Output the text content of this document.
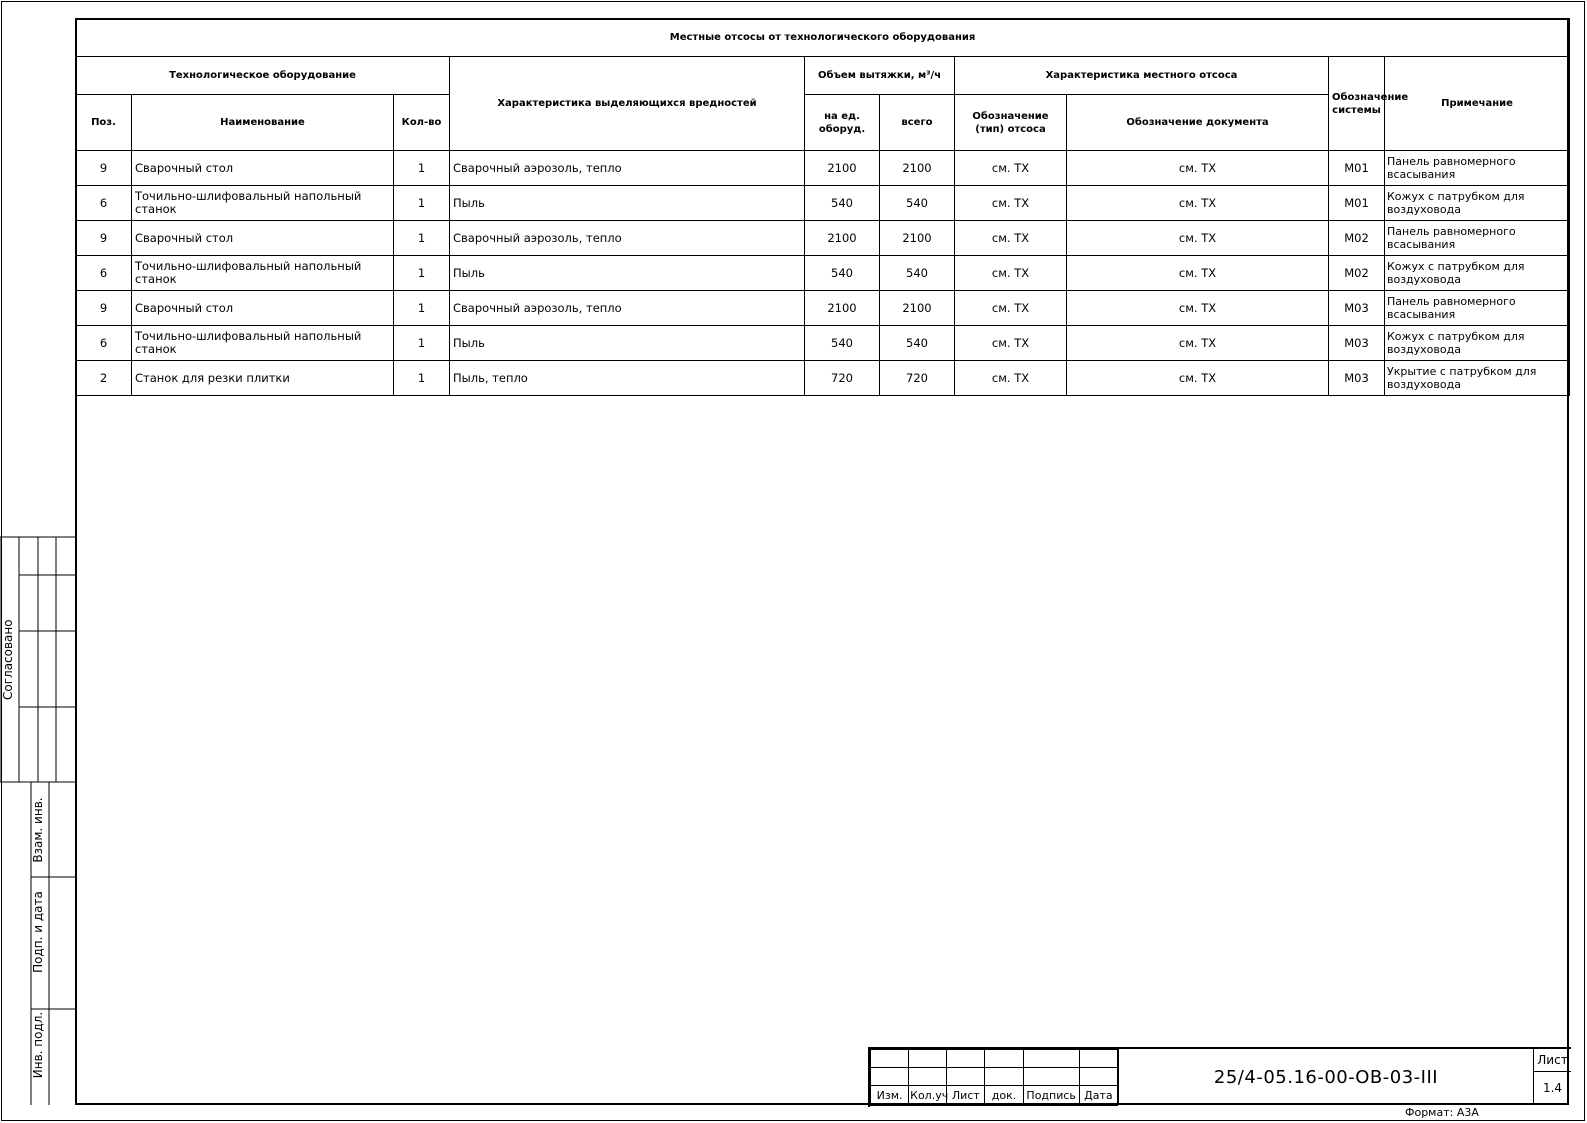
Местные отсосы от технологического оборудования									
Технологическое оборудование			Характеристика выделяющихся вредностей	Объем вытяжки, м³/ч		Характеристика местного отсоса		Обозначение системы	Примечание
Поз.	Наименование	Кол-во		на ед. оборуд.	всего	Обозначение (тип) отсоса	Обозначение документа		
9	Сварочный стол	1	Сварочный аэрозоль, тепло	2100	2100	см. ТХ	см. ТХ	М01	Панель равномерного всасывания
6	Точильно-шлифовальный напольный станок	1	Пыль	540	540	см. ТХ	см. ТХ	М01	Кожух с патрубком для воздуховода
9	Сварочный стол	1	Сварочный аэрозоль, тепло	2100	2100	см. ТХ	см. ТХ	М02	Панель равномерного всасывания
6	Точильно-шлифовальный напольный станок	1	Пыль	540	540	см. ТХ	см. ТХ	М02	Кожух с патрубком для воздуховода
9	Сварочный стол	1	Сварочный аэрозоль, тепло	2100	2100	см. ТХ	см. ТХ	М03	Панель равномерного всасывания
6	Точильно-шлифовальный напольный станок	1	Пыль	540	540	см. ТХ	см. ТХ	М03	Кожух с патрубком для воздуховода
2	Станок для резки плитки	1	Пыль, тепло	720	720	см. ТХ	см. ТХ	М03	Укрытие с патрубком для воздуховода
Согласовано
Взам. инв.
Подп. и дата
Инв. подл.

Изм.	Кол.уч	Лист	док.	Подпись	Дата
25/4-05.16-00-ОВ-03-III
Лист
1.4
Формат: А3А
